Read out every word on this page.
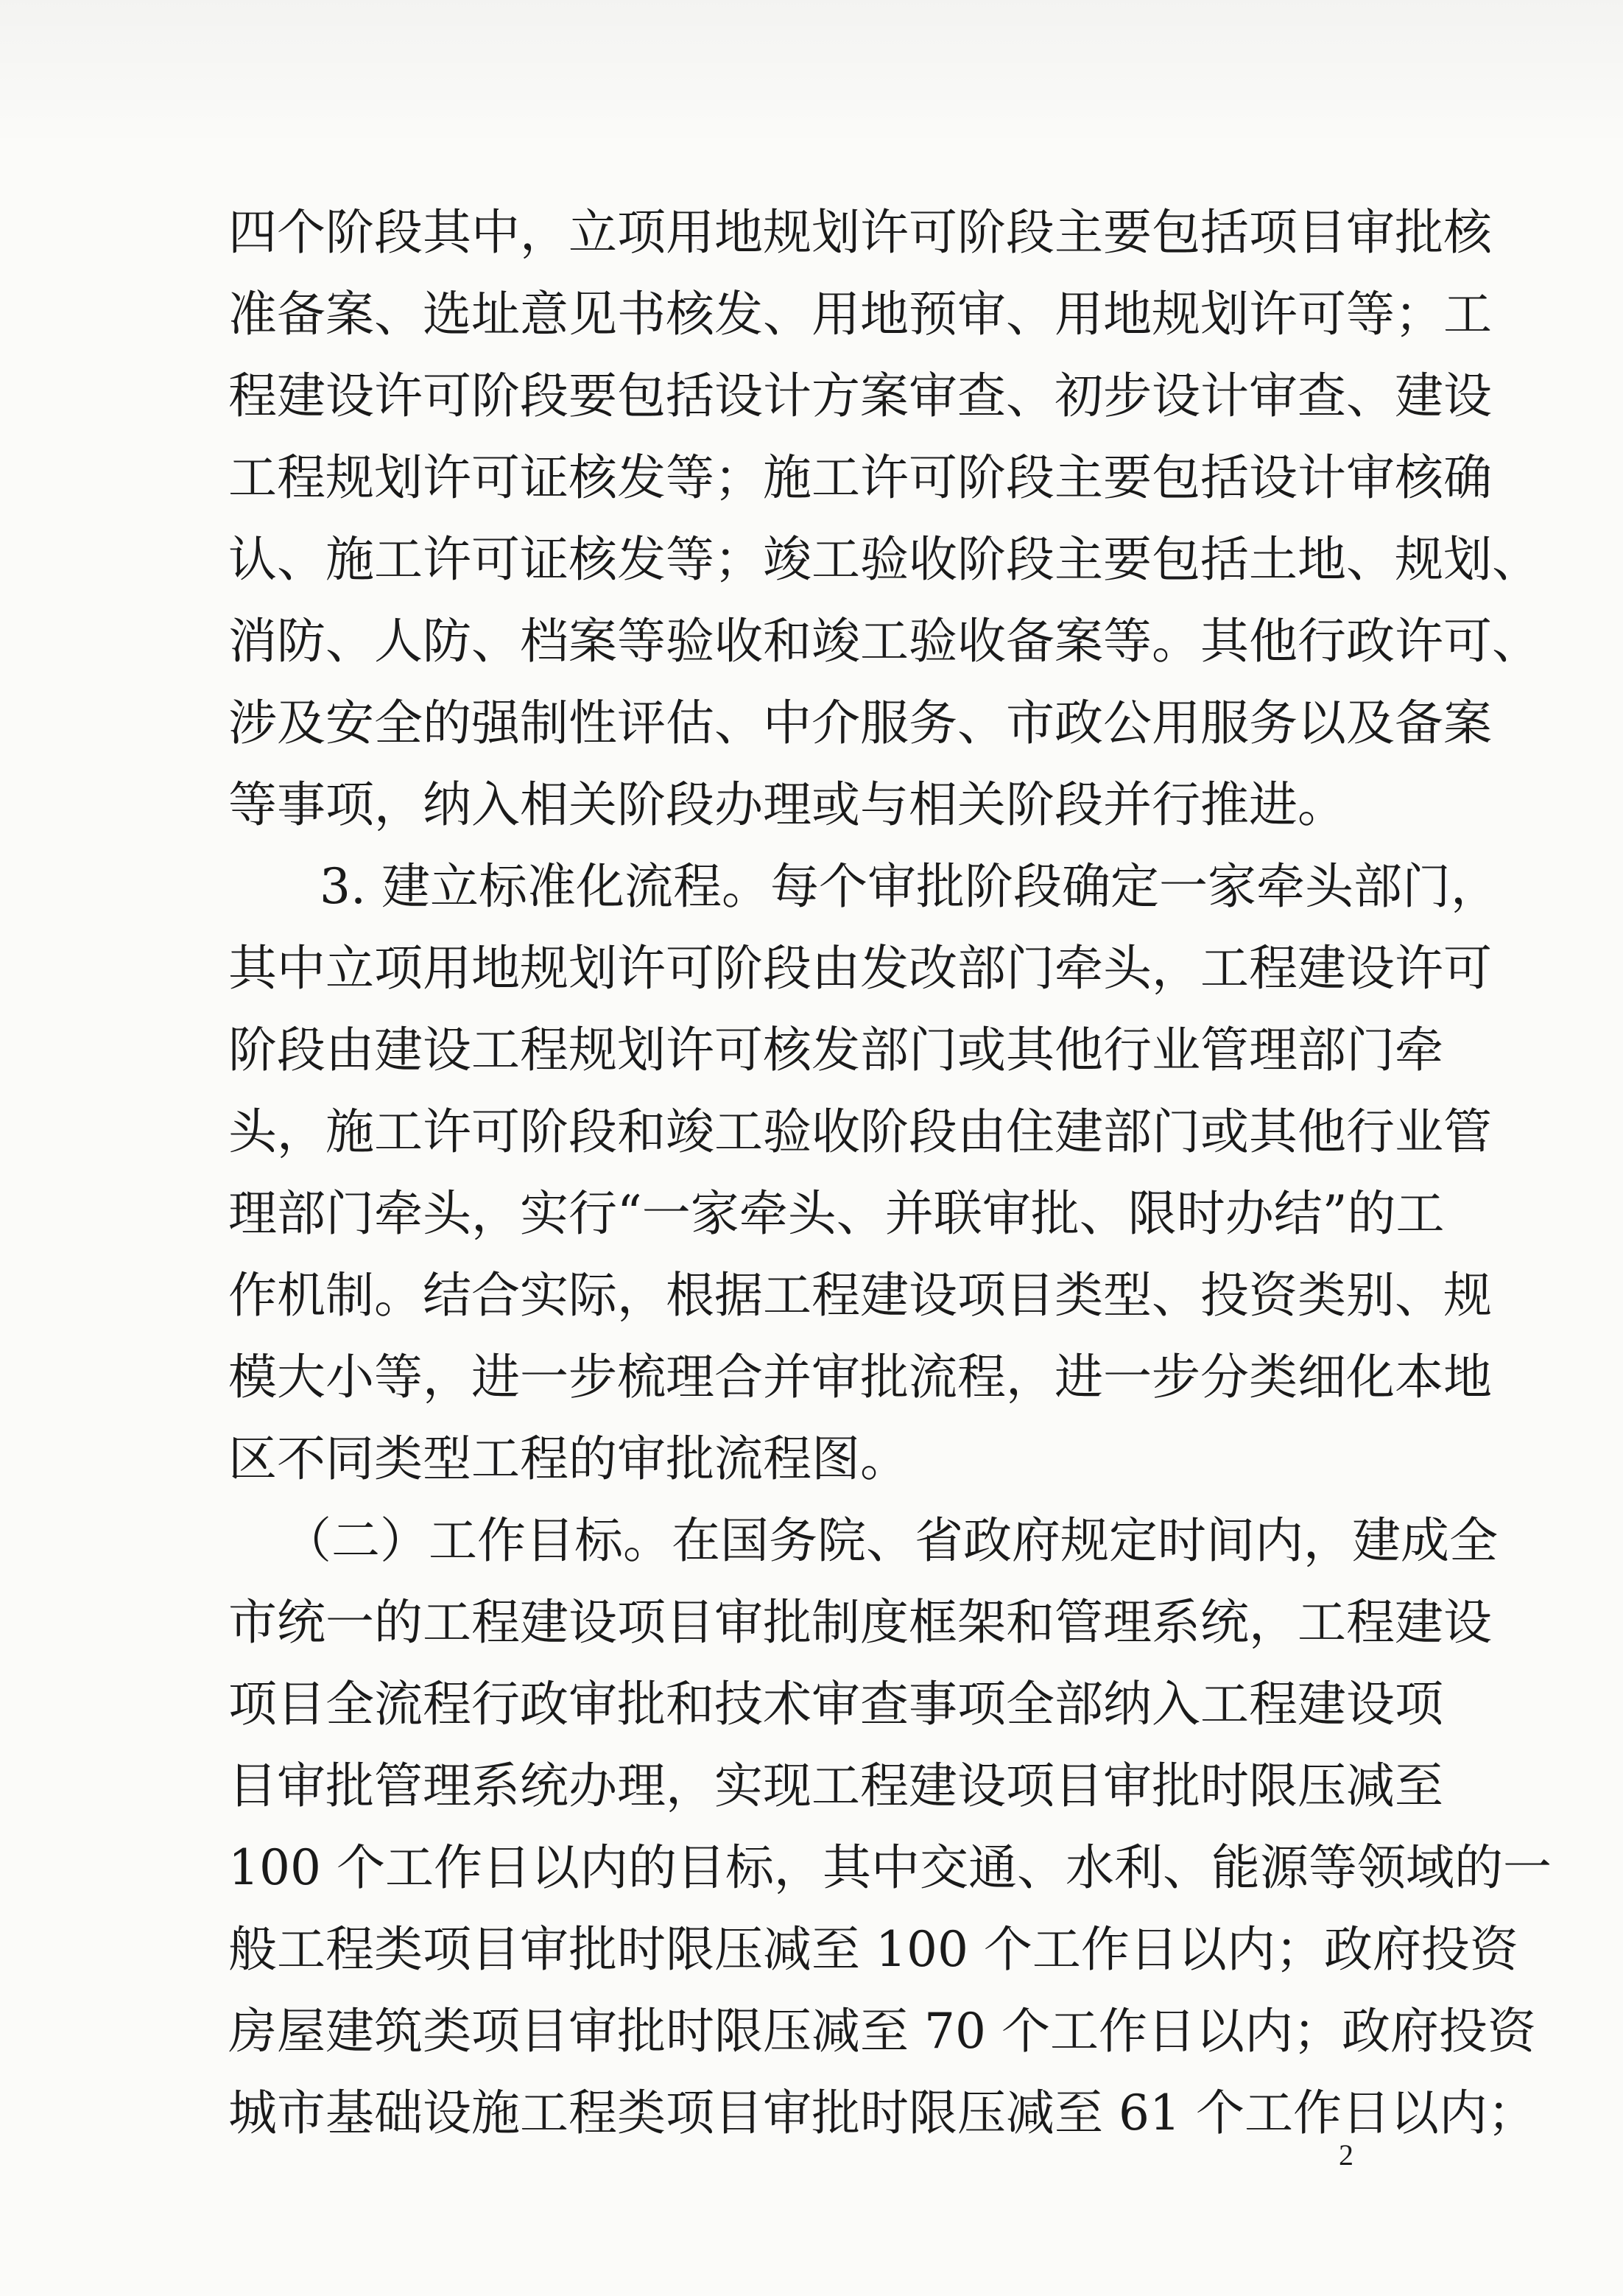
四个阶段其中，立项用地规划许可阶段主要包括项目审批核
准备案、选址意见书核发、用地预审、用地规划许可等；工
程建设许可阶段要包括设计方案审查、初步设计审查、建设
工程规划许可证核发等；施工许可阶段主要包括设计审核确
认、施工许可证核发等；竣工验收阶段主要包括土地、规划、
消防、人防、档案等验收和竣工验收备案等。其他行政许可、
涉及安全的强制性评估、中介服务、市政公用服务以及备案
等事项，纳入相关阶段办理或与相关阶段并行推进。
3. 建立标准化流程。每个审批阶段确定一家牵头部门，
其中立项用地规划许可阶段由发改部门牵头，工程建设许可
阶段由建设工程规划许可核发部门或其他行业管理部门牵
头，施工许可阶段和竣工验收阶段由住建部门或其他行业管
理部门牵头，实行“一家牵头、并联审批、限时办结”的工
作机制。结合实际，根据工程建设项目类型、投资类别、规
模大小等，进一步梳理合并审批流程，进一步分类细化本地
区不同类型工程的审批流程图。
（二）工作目标。在国务院、省政府规定时间内，建成全
市统一的工程建设项目审批制度框架和管理系统，工程建设
项目全流程行政审批和技术审查事项全部纳入工程建设项
目审批管理系统办理，实现工程建设项目审批时限压减至
100 个工作日以内的目标，其中交通、水利、能源等领域的一
般工程类项目审批时限压减至 100 个工作日以内；政府投资
房屋建筑类项目审批时限压减至 70 个工作日以内；政府投资
城市基础设施工程类项目审批时限压减至 61 个工作日以内；
2
